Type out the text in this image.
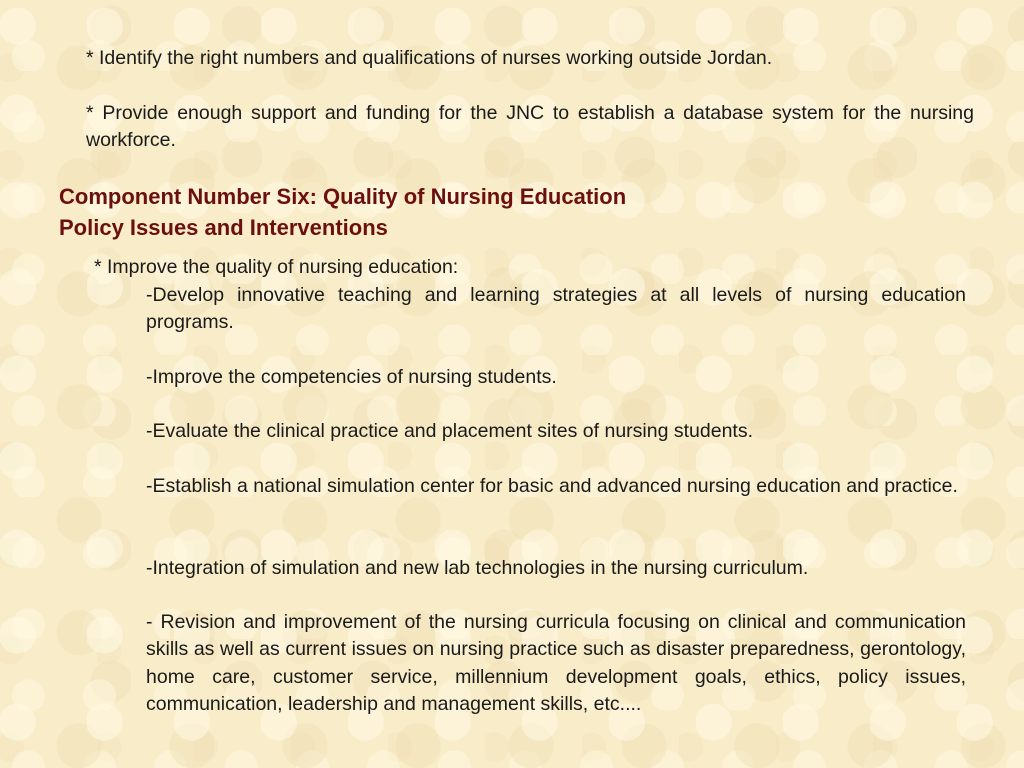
* Identify the right numbers and qualifications of nurses working outside Jordan.

* Provide enough support and funding for the JNC to establish a database system for the nursing workforce.

Component Number Six: Quality of Nursing Education
Policy Issues and Interventions

* Improve the quality of nursing education:

-Develop innovative teaching and learning strategies at all levels of nursing education programs.

-Improve the competencies of nursing students.

-Evaluate the clinical practice and placement sites of nursing students.

-Establish a national simulation center for basic and advanced nursing education and practice.

-Integration of simulation and new lab technologies in the nursing curriculum.

- Revision and improvement of the nursing curricula focusing on clinical and communication skills as well as current issues on nursing practice such as disaster preparedness, gerontology, home care, customer service, millennium development goals, ethics, policy issues, communication, leadership and management skills, etc....
